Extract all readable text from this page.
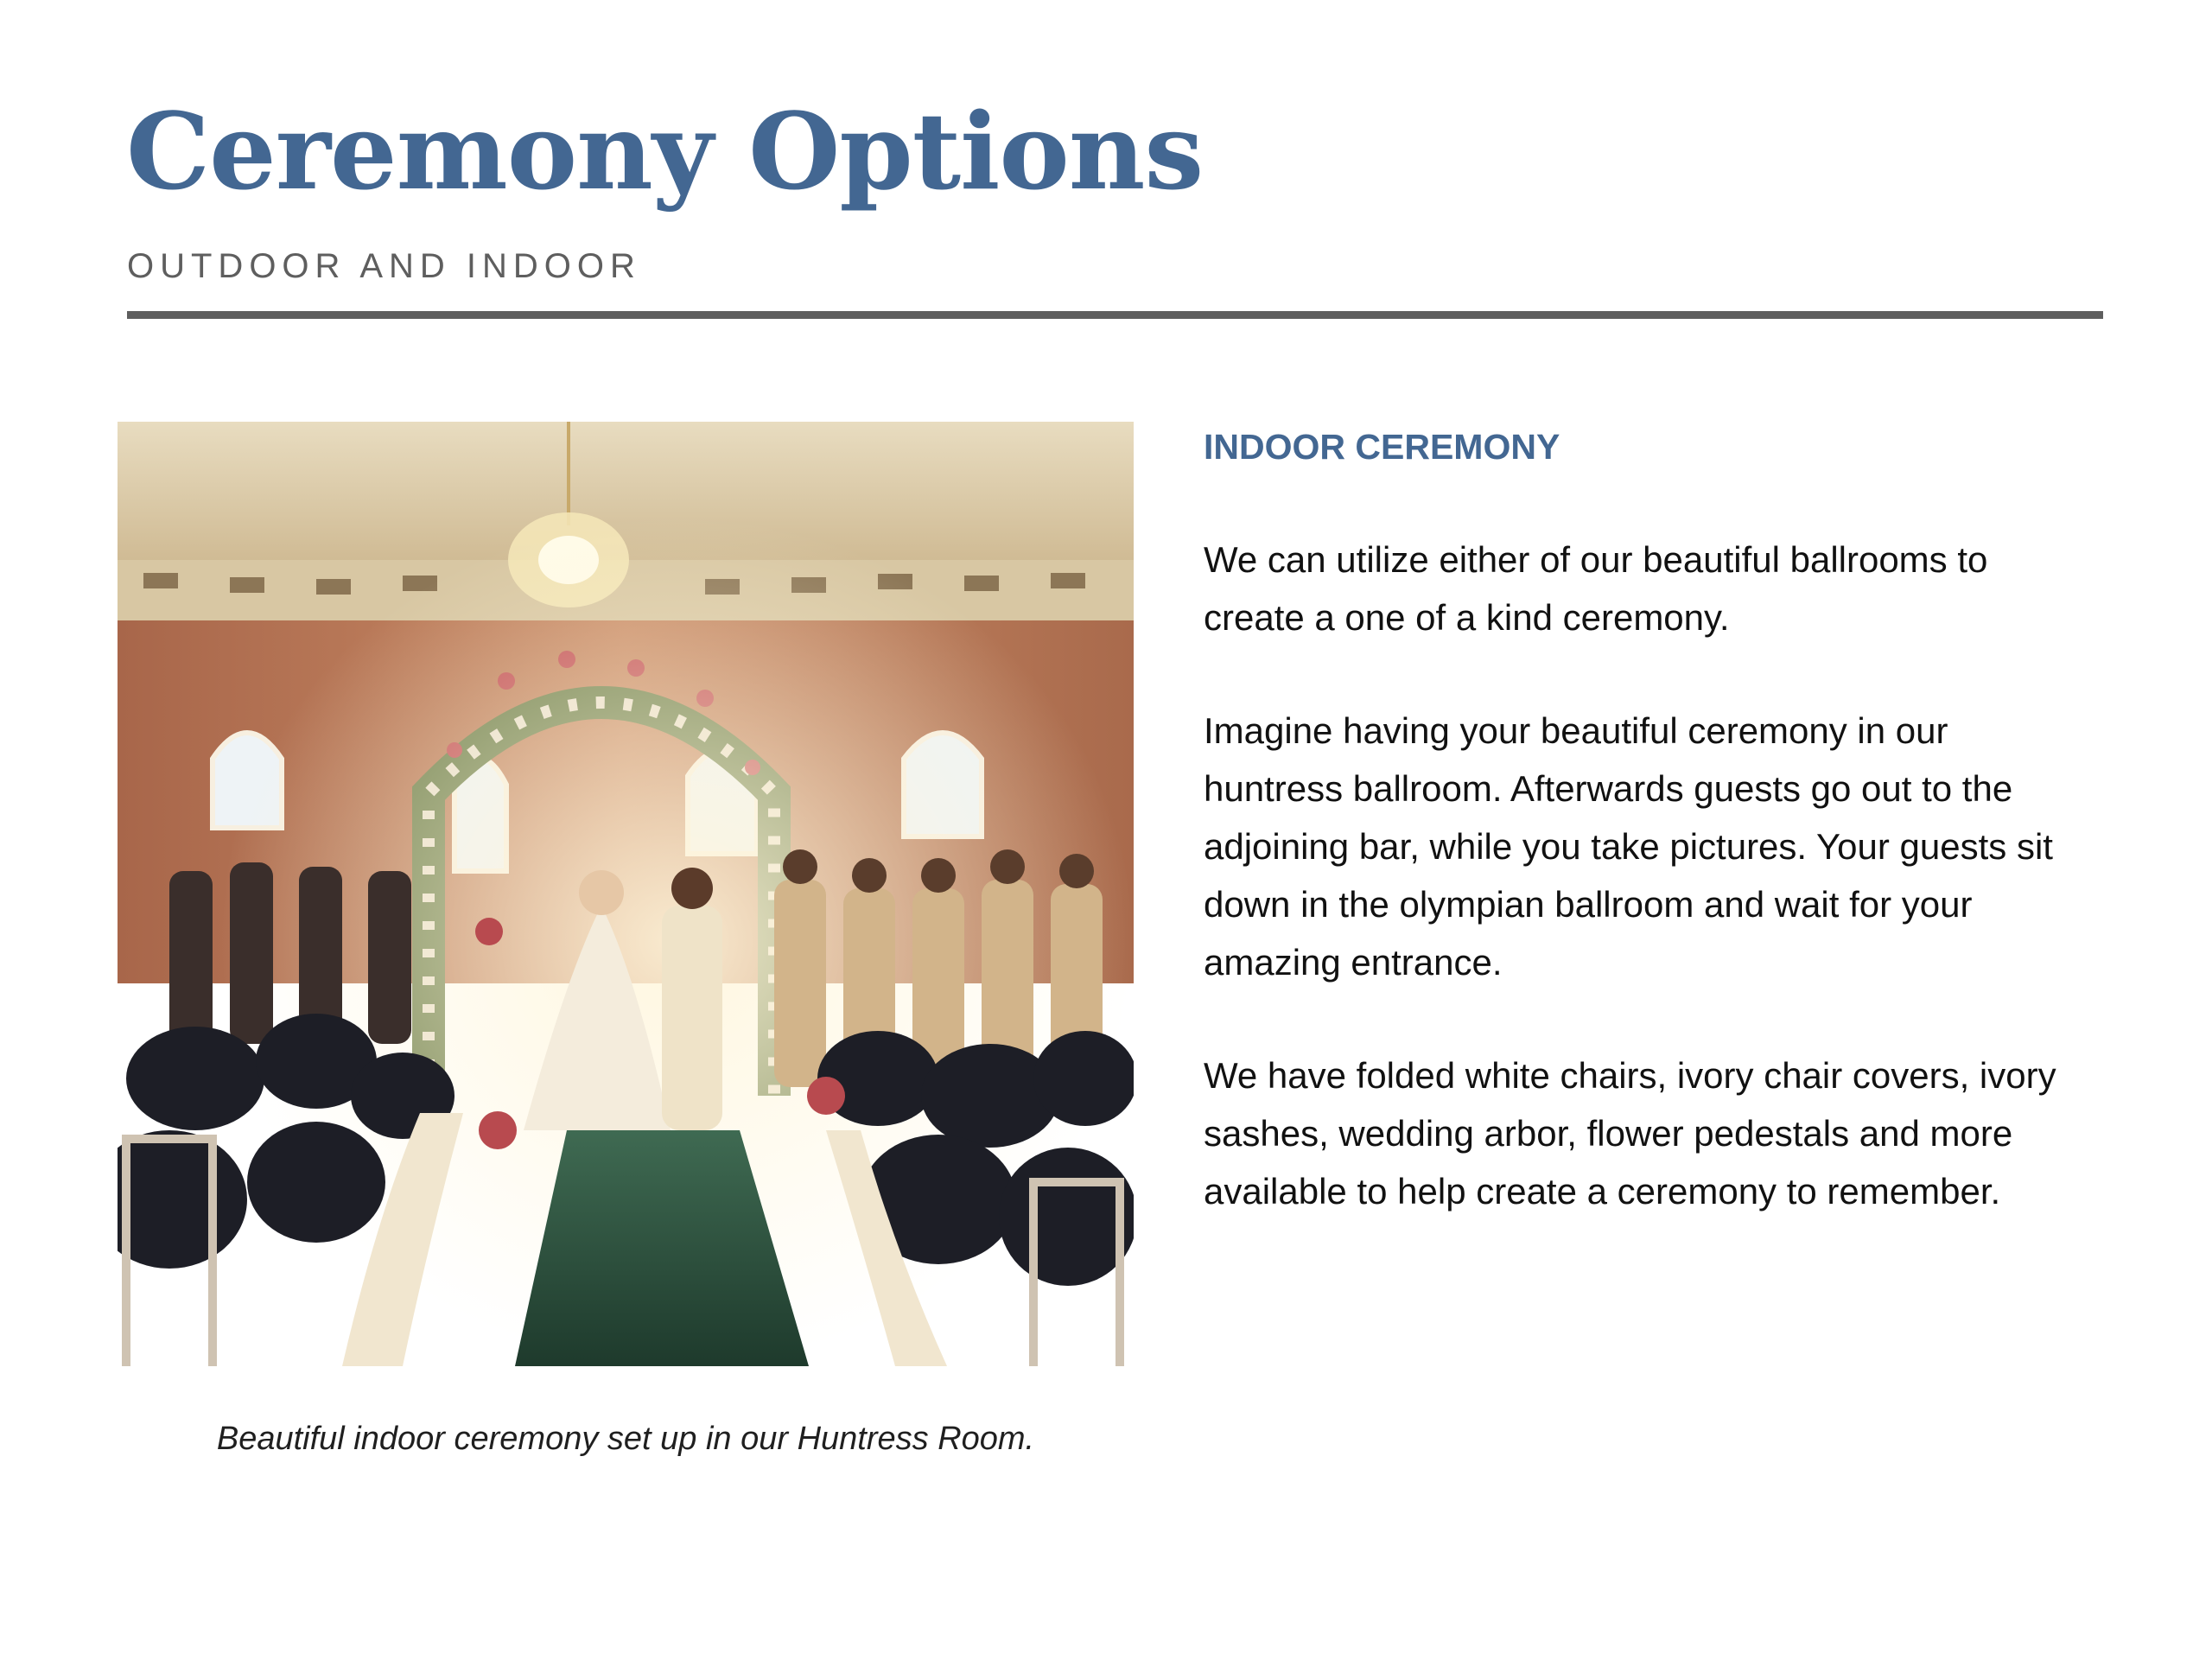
Ceremony Options
OUTDOOR AND INDOOR
Beautiful indoor ceremony set up in our Huntress Room.
INDOOR CEREMONY

We can utilize either of our beautiful ballrooms to create a one of a kind ceremony.

Imagine having your beautiful ceremony in our huntress ballroom. Afterwards guests go out to the adjoining bar, while you take pictures. Your guests sit down in the olympian ballroom and wait for your amazing entrance.

We have folded white chairs, ivory chair covers, ivory sashes, wedding arbor, flower pedestals and more available to help create a ceremony to remember.
